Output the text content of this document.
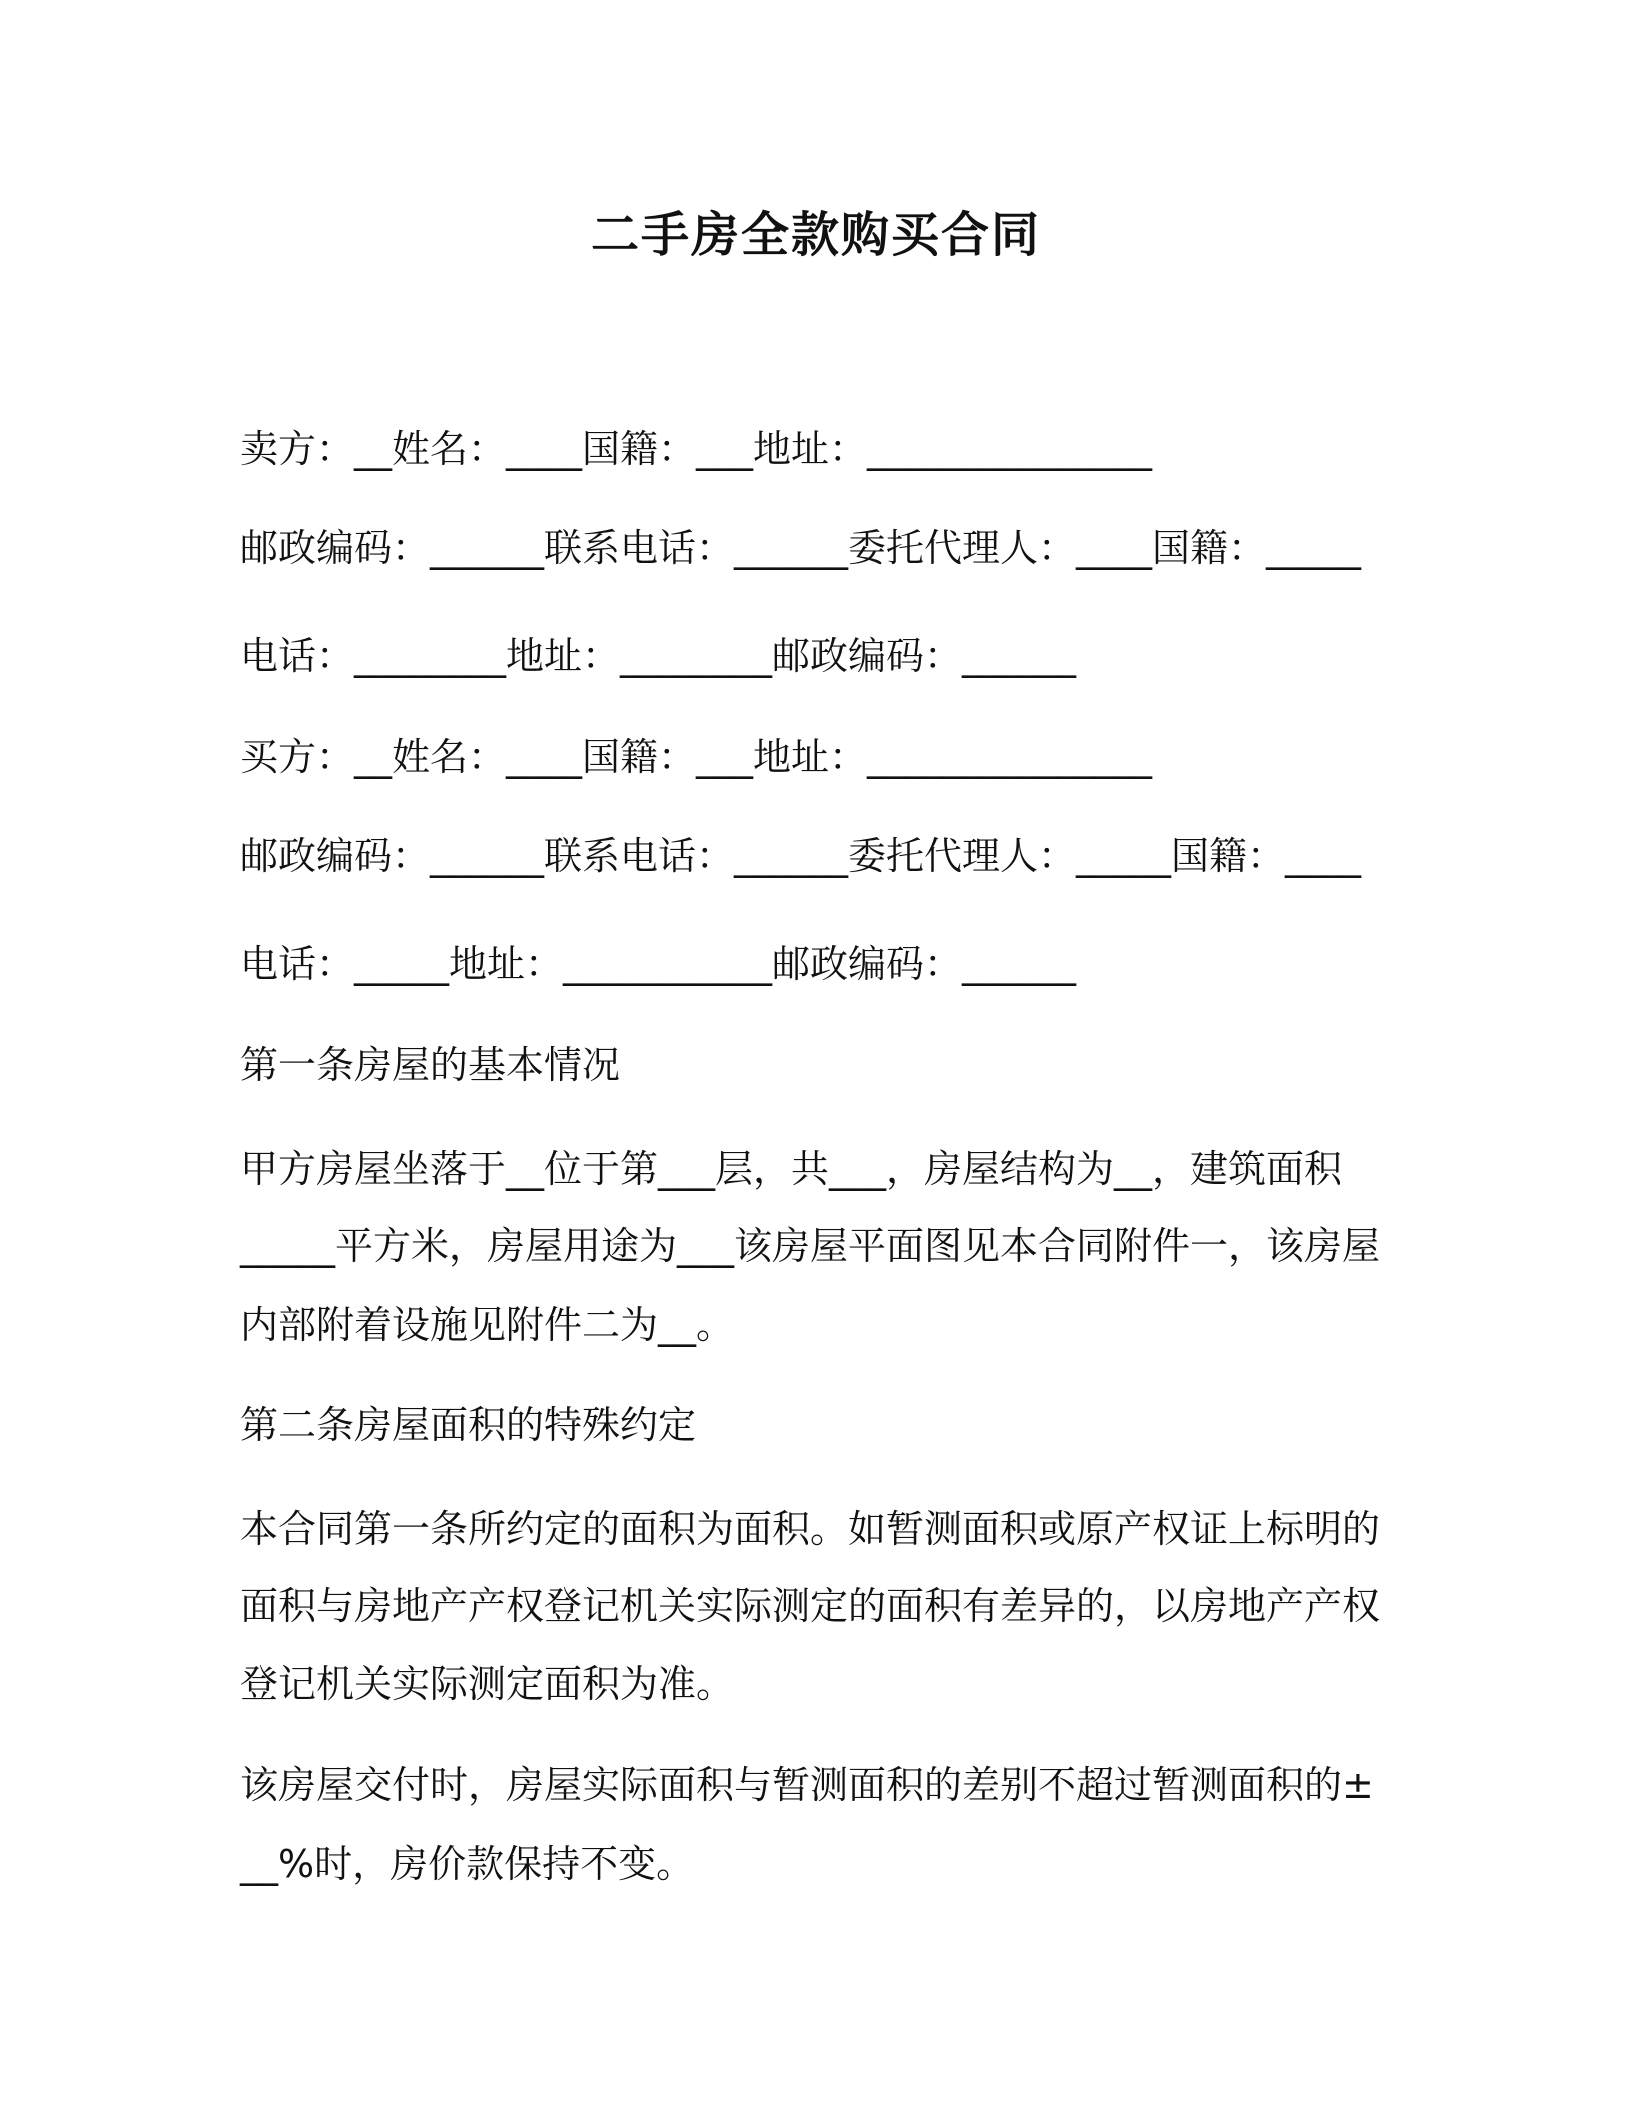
二手房全款购买合同
卖方：__姓名：____国籍：___地址：_______________
邮政编码：______联系电话：______委托代理人：____国籍：_____
电话：________地址：________邮政编码：______
买方：__姓名：____国籍：___地址：_______________
邮政编码：______联系电话：______委托代理人：_____国籍：____
电话：_____地址：___________邮政编码：______
第一条房屋的基本情况
甲方房屋坐落于__位于第___层，共___，房屋结构为__，建筑面积
_____平方米，房屋用途为___该房屋平面图见本合同附件一，该房屋
内部附着设施见附件二为__。
第二条房屋面积的特殊约定
本合同第一条所约定的面积为面积。如暂测面积或原产权证上标明的
面积与房地产产权登记机关实际测定的面积有差异的，以房地产产权
登记机关实际测定面积为准。
该房屋交付时，房屋实际面积与暂测面积的差别不超过暂测面积的±
__%时，房价款保持不变。
